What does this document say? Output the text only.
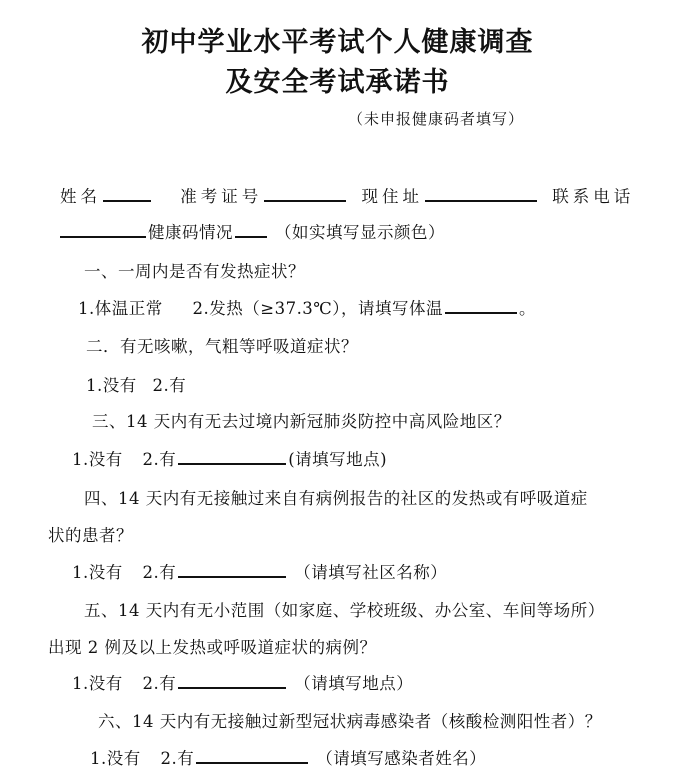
初中学业水平考试个人健康调查
及安全考试承诺书
（未申报健康码者填写）
姓名	准考证号	现住址	联系电话
健康码情况	（如实填写显示颜色）
一、一周内是否有发热症状？
1.体温正常 2.发热（≥37.3℃），请填写体温	。
二．有无咳嗽，气粗等呼吸道症状？
1.没有 2.有
三、14 天内有无去过境内新冠肺炎防控中高风险地区？
1.没有 2.有	(请填写地点)
四、14 天内有无接触过来自有病例报告的社区的发热或有呼吸道症
状的患者？
1.没有 2.有	（请填写社区名称）
五、14 天内有无小范围（如家庭、学校班级、办公室、车间等场所）
出现 2 例及以上发热或呼吸道症状的病例？
1.没有 2.有	（请填写地点）
六、14 天内有无接触过新型冠状病毒感染者（核酸检测阳性者）？
1.没有 2.有	（请填写感染者姓名）
